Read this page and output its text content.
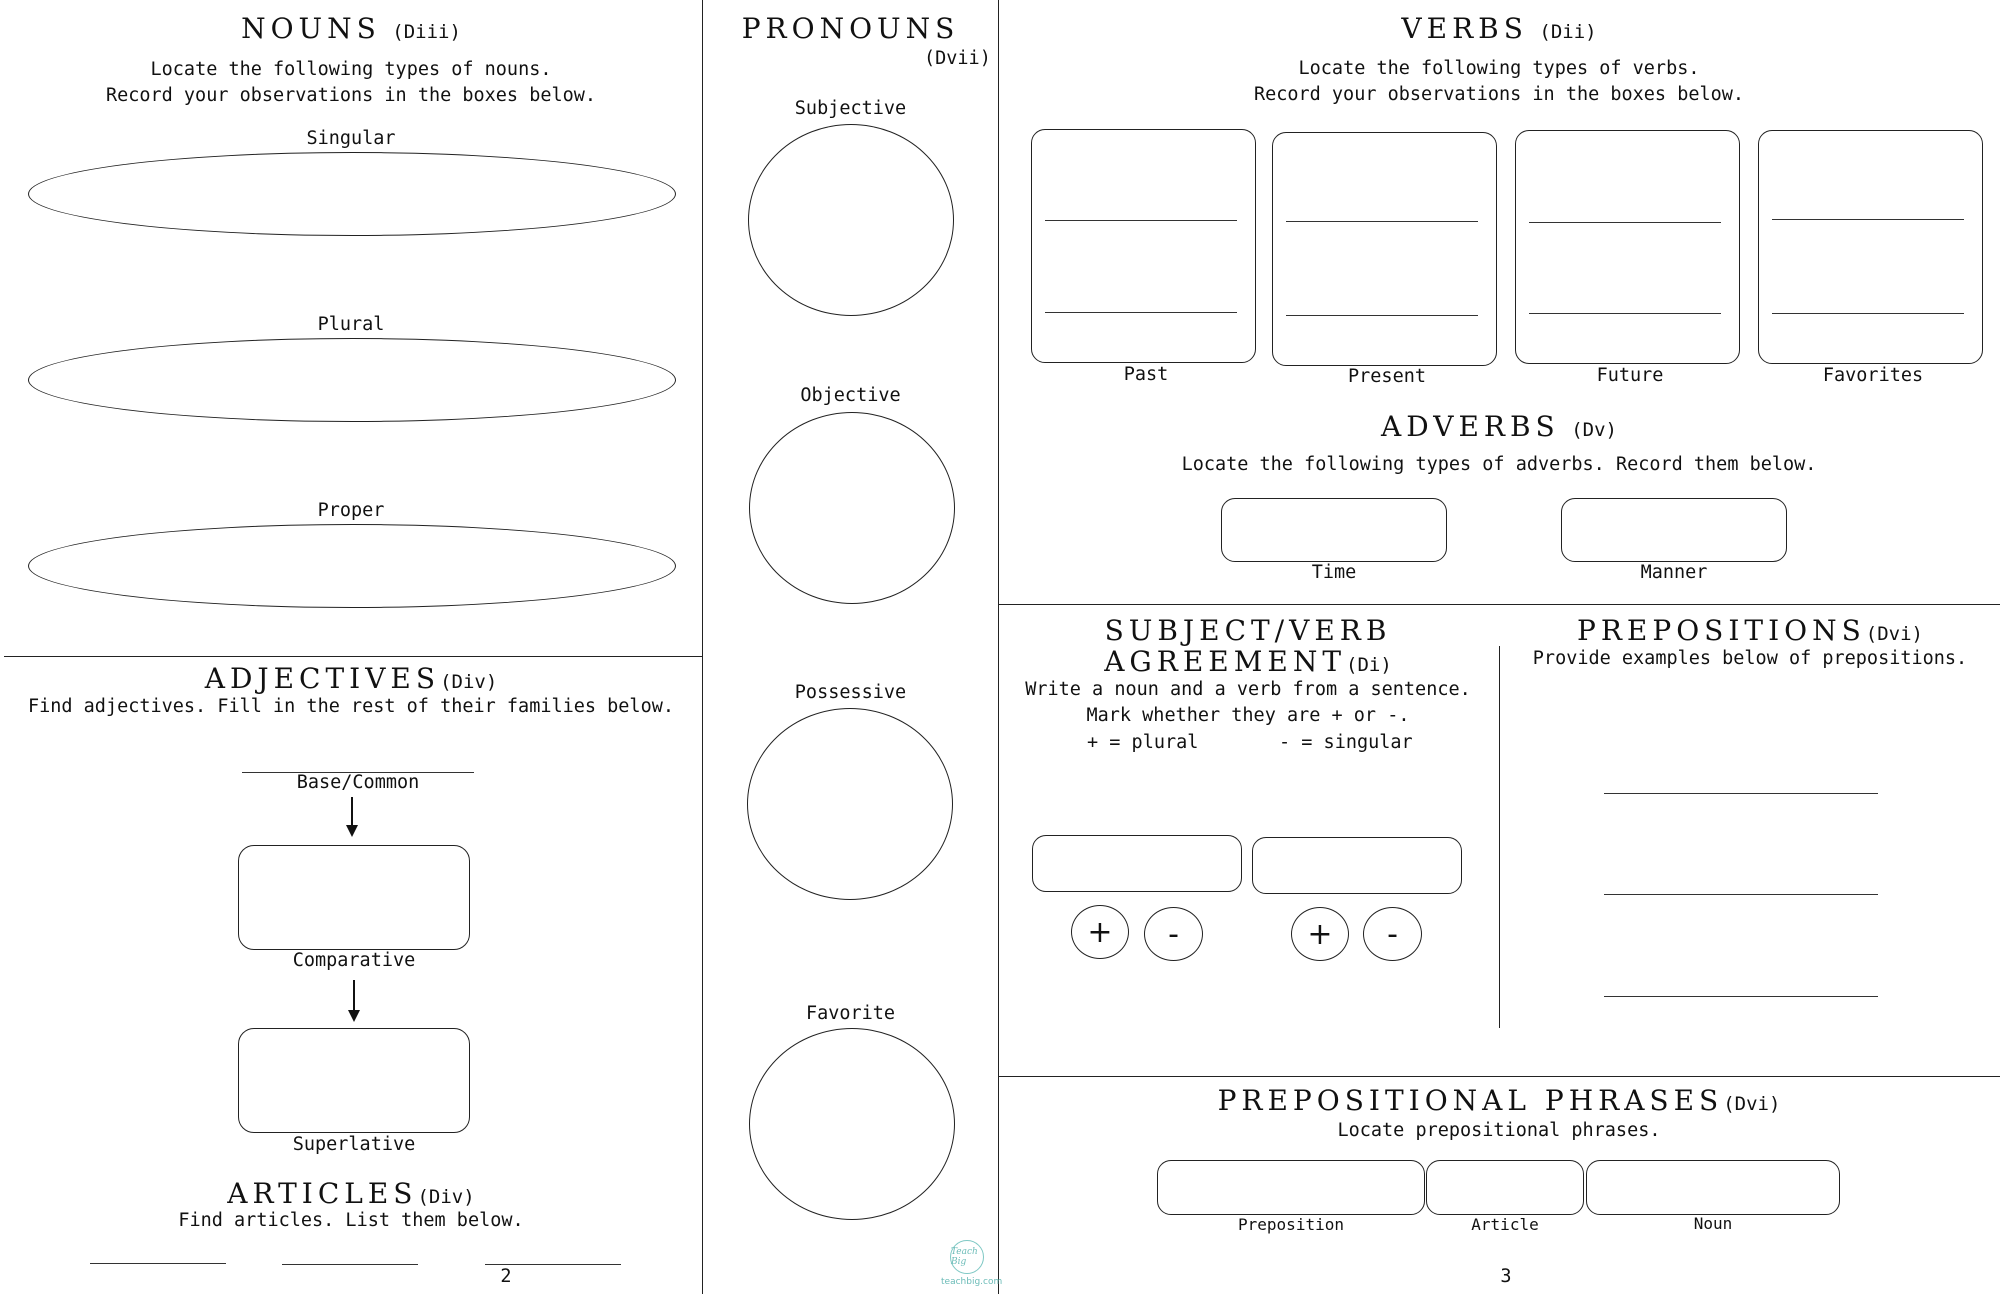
NOUNS (Diii)
Locate the following types of nouns.
Record your observations in the boxes below.
Singular
Plural
Proper
ADJECTIVES(Div)
Find adjectives. Fill in the rest of their families below.
Base/Common
Comparative
Superlative
ARTICLES(Div)
Find articles. List them below.
2
PRONOUNS
(Dvii)
Subjective
Objective
Possessive
Favorite
Teach Big
teachbig.com
VERBS (Dii)
Locate the following types of verbs.
Record your observations in the boxes below.
Past	Present	Future	Favorites
ADVERBS (Dv)
Locate the following types of adverbs. Record them below.
Time	Manner
SUBJECT/VERB
AGREEMENT(Di)
Write a noun and a verb from a sentence.
Mark whether they are + or -.
+ = plural	- = singular
+	-	+	-
PREPOSITIONS(Dvi)
Provide examples below of prepositions.
PREPOSITIONAL PHRASES(Dvi)
Locate prepositional phrases.
Preposition	Article	Noun
3
